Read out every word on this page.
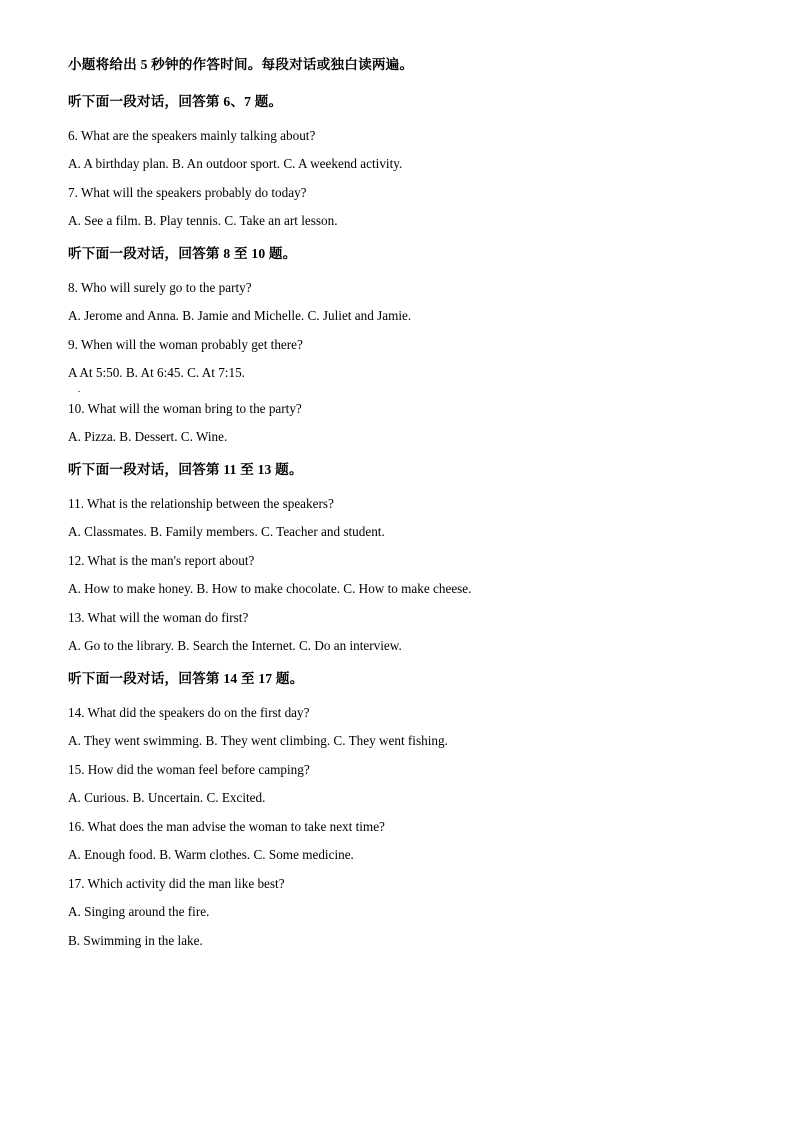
小题将给出 5 秒钟的作答时间。每段对话或独白读两遍。
听下面一段对话，回答第 6、7 题。
6. What are the speakers mainly talking about?
A. A birthday plan. B. An outdoor sport. C. A weekend activity.
7. What will the speakers probably do today?
A. See a film. B. Play tennis. C. Take an art lesson.
听下面一段对话，回答第 8 至 10 题。
8. Who will surely go to the party?
A. Jerome and Anna. B. Jamie and Michelle. C. Juliet and Jamie.
9. When will the woman probably get there?
A At 5:50. B. At 6:45. C. At 7:15.
.
10. What will the woman bring to the party?
A. Pizza. B. Dessert. C. Wine.
听下面一段对话，回答第 11 至 13 题。
11. What is the relationship between the speakers?
A. Classmates. B. Family members. C. Teacher and student.
12. What is the man's report about?
A. How to make honey. B. How to make chocolate. C. How to make cheese.
13. What will the woman do first?
A. Go to the library. B. Search the Internet. C. Do an interview.
听下面一段对话，回答第 14 至 17 题。
14. What did the speakers do on the first day?
A. They went swimming. B. They went climbing. C. They went fishing.
15. How did the woman feel before camping?
A. Curious. B. Uncertain. C. Excited.
16. What does the man advise the woman to take next time?
A. Enough food. B. Warm clothes. C. Some medicine.
17. Which activity did the man like best?
A. Singing around the fire.
B. Swimming in the lake.
